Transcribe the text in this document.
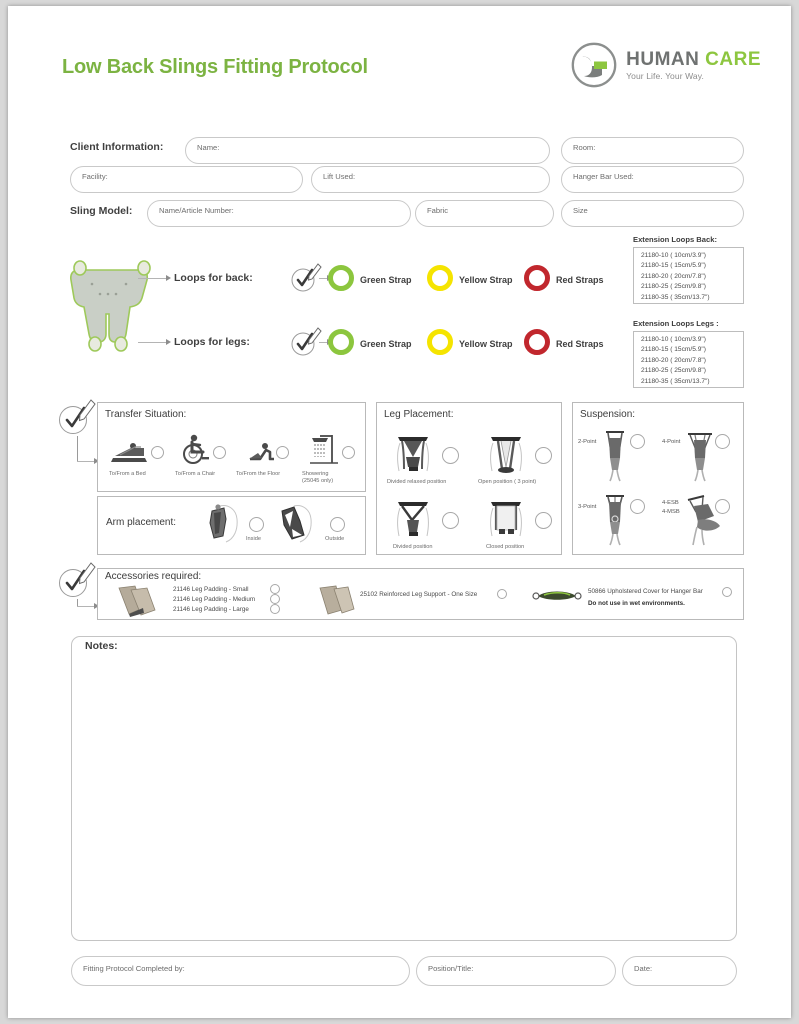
Low Back Slings Fitting Protocol	HUMAN CARE
Your Life. Your Way.
Client Information:	Name:	Room:
Facility:	Lift Used:	Hanger Bar Used:
Sling Model:	Name/Article Number:	Fabric	Size
Loops for back:	Green Strap	Yellow Strap	Red Straps
Loops for legs:	Green Strap	Yellow Strap	Red Straps
Extension Loops Back:
21180-10 ( 10cm/3.9")
21180-15 ( 15cm/5.9")
21180-20 ( 20cm/7.8")
21180-25 ( 25cm/9.8")
21180-35 ( 35cm/13.7")
Extension Loops Legs :
21180-10 ( 10cm/3.9")
21180-15 ( 15cm/5.9")
21180-20 ( 20cm/7.8")
21180-25 ( 25cm/9.8")
21180-35 ( 35cm/13.7")
Transfer Situation:
To/From a Bed	To/From a Chair	To/From the Floor	Showering
(25045 only)
Arm placement:
Inside	Outside
Leg Placement:
Divided relaxed position	Open position ( 3 point)
Divided position	Closed position
Suspension:
2-Point	4-Point
3-Point
4-ESB
4-MSB
Accessories required:
21146 Leg Padding - Small
21146 Leg Padding - Medium
21146 Leg Padding - Large
25102 Reinforced Leg Support - One Size	50866 Upholstered Cover for Hanger Bar
Do not use in wet environments.
Notes:
Fitting Protocol Completed by:	Position/Title:	Date:
